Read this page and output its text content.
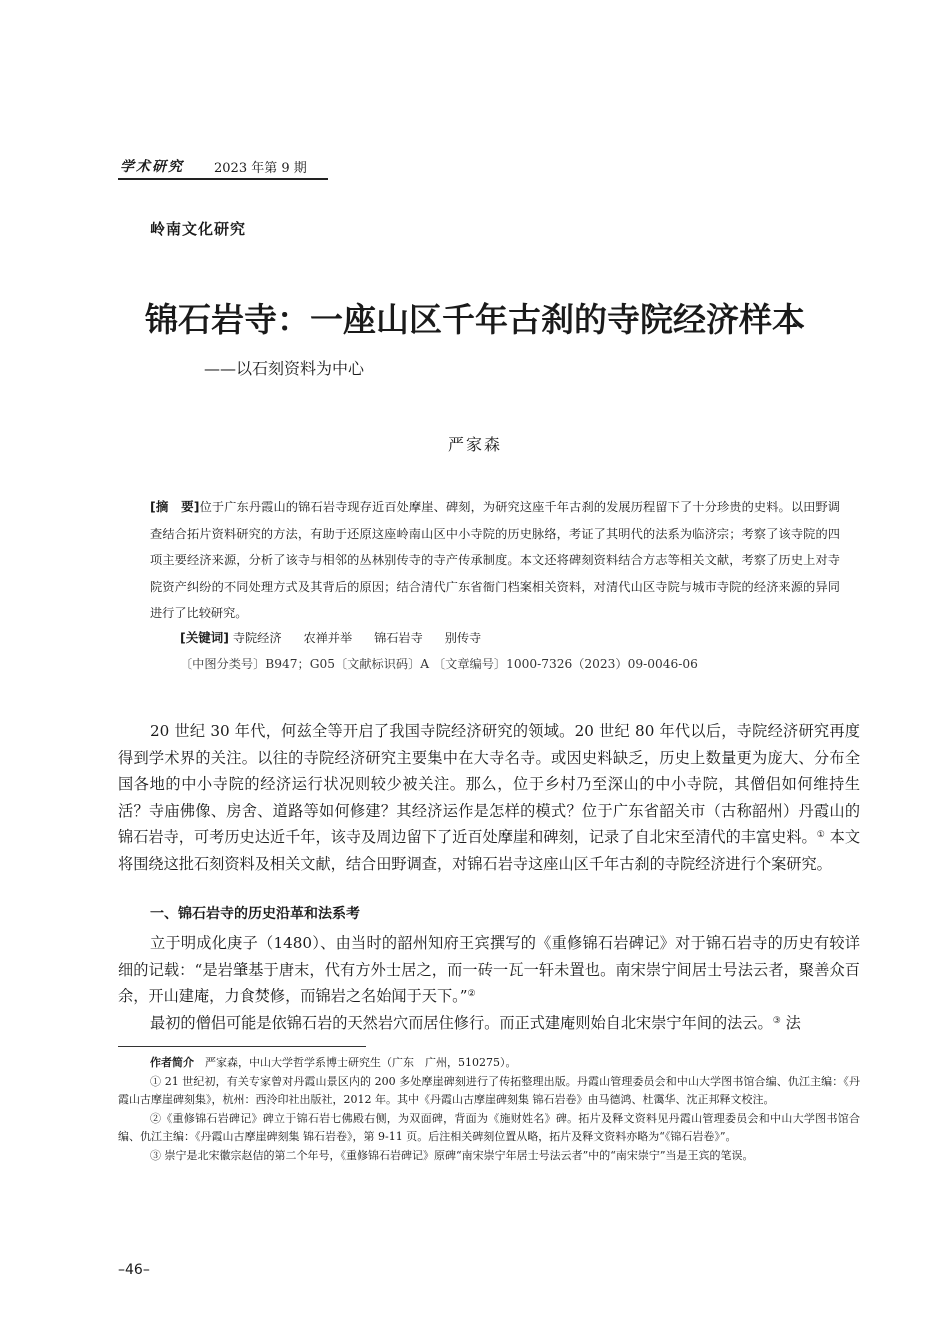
学术研究 2023 年第 9 期
岭南文化研究
锦石岩寺：一座山区千年古刹的寺院经济样本
——以石刻资料为中心
严家森
[摘　要]位于广东丹霞山的锦石岩寺现存近百处摩崖、碑刻，为研究这座千年古刹的发展历程留下了十分珍贵的史料。以田野调查结合拓片资料研究的方法，有助于还原这座岭南山区中小寺院的历史脉络，考证了其明代的法系为临济宗；考察了该寺院的四项主要经济来源，分析了该寺与相邻的丛林别传寺的寺产传承制度。本文还将碑刻资料结合方志等相关文献，考察了历史上对寺院资产纠纷的不同处理方式及其背后的原因；结合清代广东省衙门档案相关资料，对清代山区寺院与城市寺院的经济来源的异同进行了比较研究。
[关键词] 寺院经济 农禅并举 锦石岩寺 别传寺
〔中图分类号〕B947；G05〔文献标识码〕A 〔文章编号〕1000-7326（2023）09-0046-06

20 世纪 30 年代，何兹全等开启了我国寺院经济研究的领域。20 世纪 80 年代以后，寺院经济研究再度得到学术界的关注。以往的寺院经济研究主要集中在大寺名寺。或因史料缺乏，历史上数量更为庞大、分布全国各地的中小寺院的经济运行状况则较少被关注。那么，位于乡村乃至深山的中小寺院，其僧侣如何维持生活？寺庙佛像、房舍、道路等如何修建？其经济运作是怎样的模式？位于广东省韶关市（古称韶州）丹霞山的锦石岩寺，可考历史达近千年，该寺及周边留下了近百处摩崖和碑刻，记录了自北宋至清代的丰富史料。① 本文将围绕这批石刻资料及相关文献，结合田野调查，对锦石岩寺这座山区千年古刹的寺院经济进行个案研究。

一、锦石岩寺的历史沿革和法系考

立于明成化庚子（1480）、由当时的韶州知府王宾撰写的《重修锦石岩碑记》对于锦石岩寺的历史有较详细的记载：“是岩肇基于唐末，代有方外士居之，而一砖一瓦一轩未置也。南宋崇宁间居士号法云者，聚善众百余，开山建庵，力食焚修，而锦岩之名始闻于天下。”②

最初的僧侣可能是依锦石岩的天然岩穴而居住修行。而正式建庵则始自北宋崇宁年间的法云。③ 法

作者简介　严家森，中山大学哲学系博士研究生（广东　广州，510275）。

① 21 世纪初，有关专家曾对丹霞山景区内的 200 多处摩崖碑刻进行了传拓整理出版。丹霞山管理委员会和中山大学图书馆合编、仇江主编：《丹霞山古摩崖碑刻集》，杭州：西泠印社出版社，2012 年。其中《丹霞山古摩崖碑刻集 锦石岩卷》由马德鸿、杜霭华、沈正邦释文校注。

②《重修锦石岩碑记》碑立于锦石岩七佛殿右侧，为双面碑，背面为《施财姓名》碑。拓片及释文资料见丹霞山管理委员会和中山大学图书馆合编、仇江主编：《丹霞山古摩崖碑刻集 锦石岩卷》，第 9-11 页。后注相关碑刻位置从略，拓片及释文资料亦略为“《锦石岩卷》”。

③ 崇宁是北宋徽宗赵佶的第二个年号，《重修锦石岩碑记》原碑“南宋崇宁年居士号法云者”中的“南宋崇宁”当是王宾的笔误。

–46–
